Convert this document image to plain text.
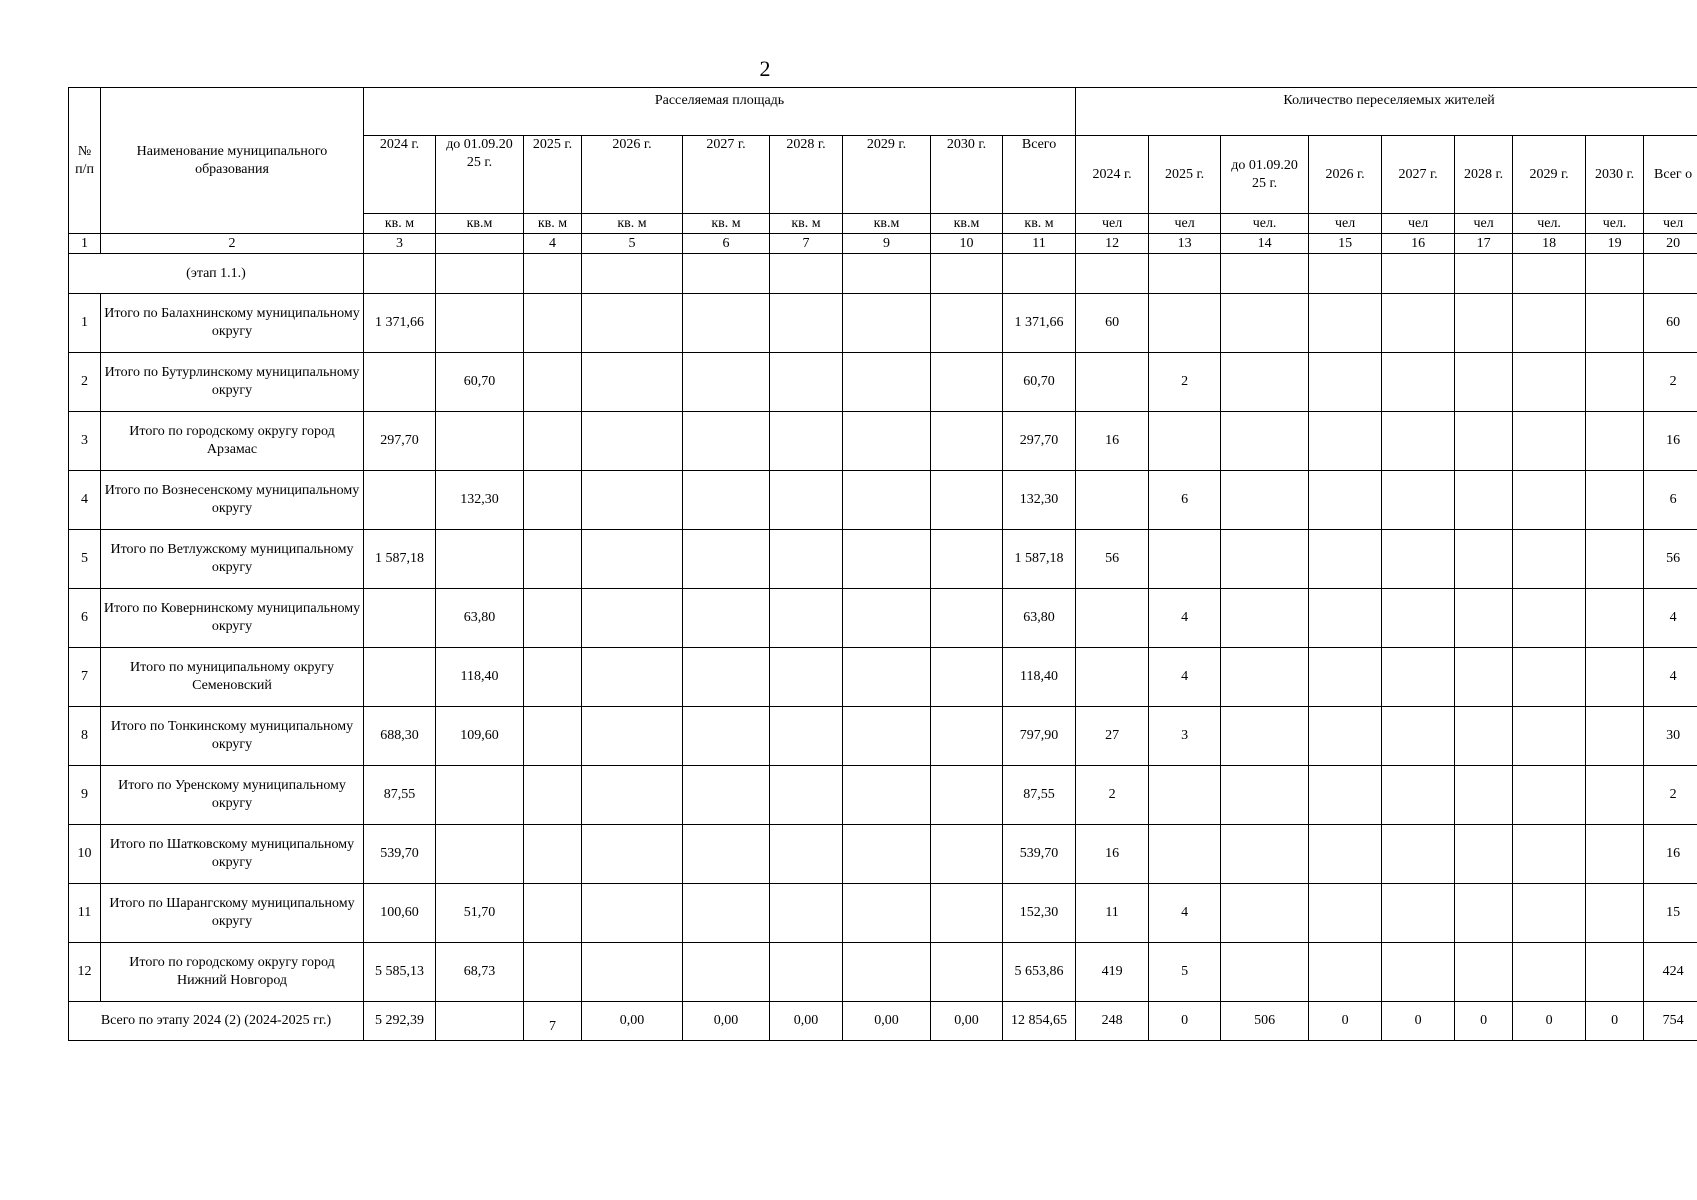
2
№ п/п	Наименование муниципального образования	Расселяемая площадь									Количество переселяемых жителей								
		2024 г.	до 01.09.20 25 г.	2025 г.	2026 г.	2027 г.	2028 г.	2029 г.	2030 г.	Всего	2024 г.	2025 г.	до 01.09.20 25 г.	2026 г.	2027 г.	2028 г.	2029 г.	2030 г.	Всег о
		кв. м	кв.м	кв. м	кв. м	кв. м	кв. м	кв.м	кв.м	кв. м	чел	чел	чел.	чел	чел	чел	чел.	чел.	чел
1	2	3		4	5	6	7	9	10	11	12	13	14	15	16	17	18	19	20
(этап 1.1.)																			
1	Итого по Балахнинскому муниципальному округу	1 371,66								1 371,66	60								60
2	Итого по Бутурлинскому муниципальному округу		60,70							60,70		2							2
3	Итого по городскому округу город Арзамас	297,70								297,70	16								16
4	Итого по Вознесенскому муниципальному округу		132,30							132,30		6							6
5	Итого по Ветлужскому муниципальному округу	1 587,18								1 587,18	56								56
6	Итого по Ковернинскому муниципальному округу		63,80							63,80		4							4
7	Итого по муниципальному округу Семеновский		118,40							118,40		4							4
8	Итого по Тонкинскому муниципальному округу	688,30	109,60							797,90	27	3							30
9	Итого по Уренскому муниципальному округу	87,55								87,55	2								2
10	Итого по Шатковскому муниципальному округу	539,70								539,70	16								16
11	Итого по Шарангскому муниципальному округу	100,60	51,70							152,30	11	4							15
12	Итого по городскому округу город Нижний Новгород	5 585,13	68,73							5 653,86	419	5							424
Всего по этапу 2024 (2) (2024-2025 гг.)		5 292,39		7	0,00	0,00	0,00	0,00	0,00	12 854,65	248	0	506	0	0	0	0	0	754
